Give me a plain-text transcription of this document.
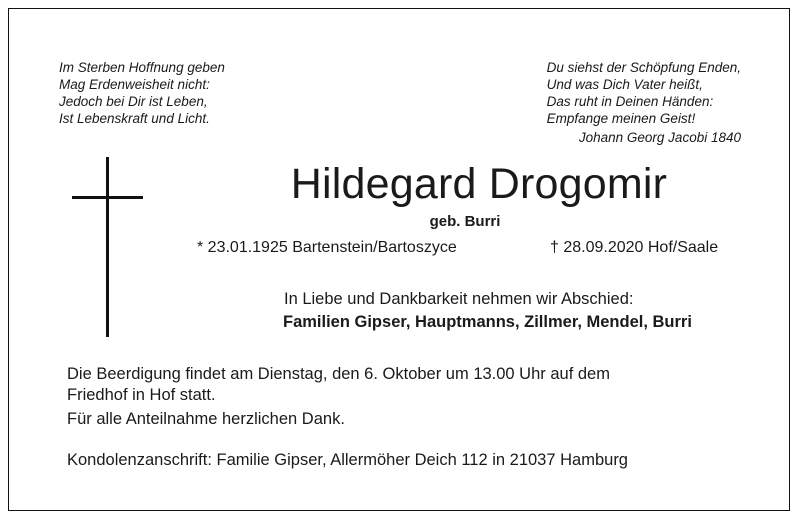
Im Sterben Hoffnung geben
Mag Erdenweisheit nicht:
Jedoch bei Dir ist Leben,
Ist Lebenskraft und Licht.
Du siehst der Schöpfung Enden,
Und was Dich Vater heißt,
Das ruht in Deinen Händen:
Empfange meinen Geist!
Johann Georg Jacobi 1840
Hildegard Drogomir
geb. Burri
* 23.01.1925 Bartenstein/Bartoszyce	† 28.09.2020 Hof/Saale
In Liebe und Dankbarkeit nehmen wir Abschied:
Familien Gipser, Hauptmanns, Zillmer, Mendel, Burri
Die Beerdigung findet am Dienstag, den 6. Oktober um 13.00 Uhr auf dem
Friedhof in Hof statt.
Für alle Anteilnahme herzlichen Dank.
Kondolenzanschrift: Familie Gipser, Allermöher Deich 112 in 21037 Hamburg
